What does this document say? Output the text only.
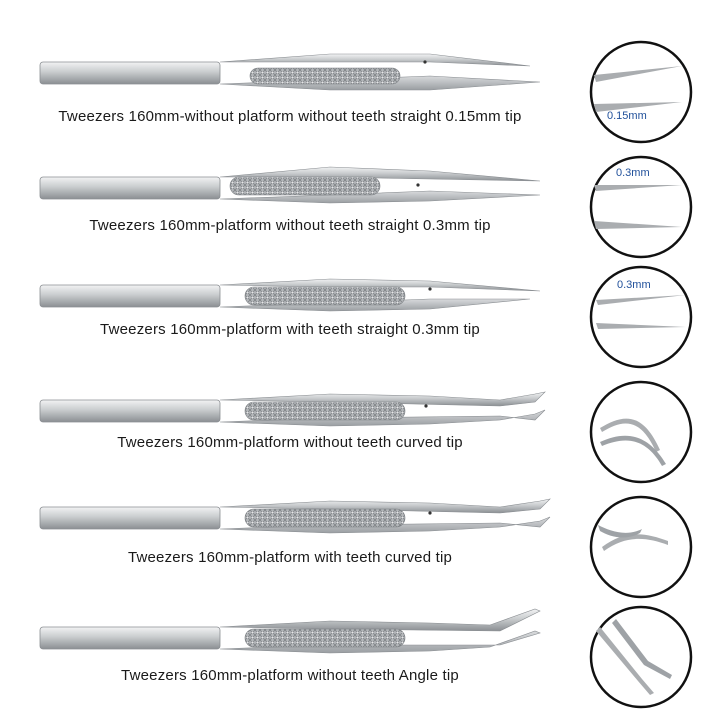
Tweezers 160mm-without platform without teeth straight 0.15mm tip	0.15mm
Tweezers 160mm-platform without teeth straight 0.3mm tip
0.3mm
Tweezers 160mm-platform with teeth straight 0.3mm tip
0.3mm
Tweezers 160mm-platform without teeth curved tip
Tweezers 160mm-platform with teeth curved tip
Tweezers 160mm-platform without teeth Angle tip
